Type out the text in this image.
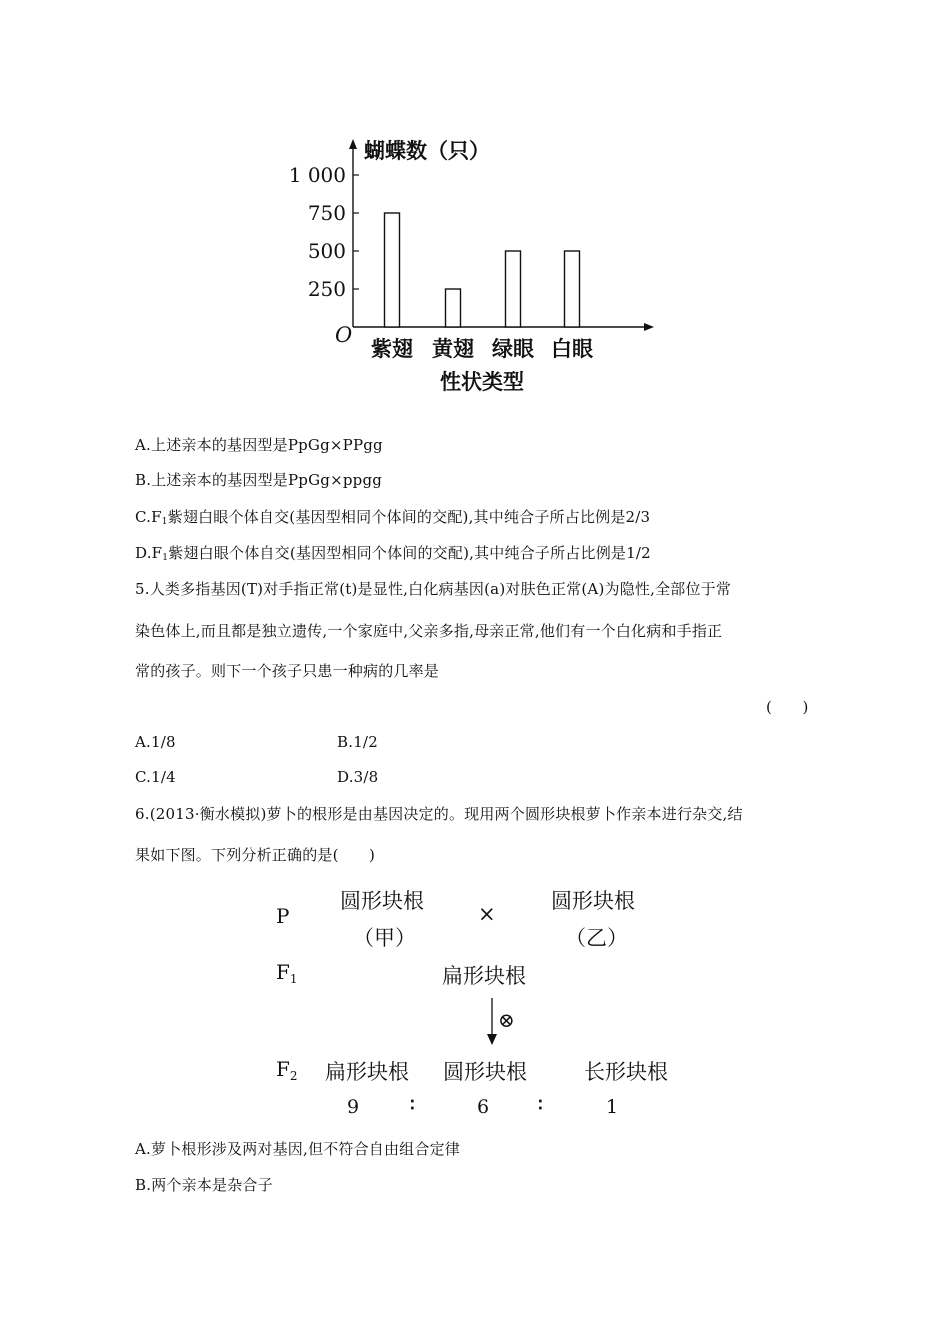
250
500
750
1 000
紫翅 黄翅 绿眼 白眼
蝴蝶数（只）
性状类型
O
A.上述亲本的基因型是PpGg×PPgg
B.上述亲本的基因型是PpGg×ppgg
$C.F_1$紫翅白眼个体自交(基因型相同个体间的交配),其中纯合子所占比例是2/3
$D.F_1$紫翅白眼个体自交(基因型相同个体间的交配),其中纯合子所占比例是1/2
5.人类多指基因(T)对手指正常(t)是显性,白化病基因(a)对肤色正常(A)为隐性,全部位于常
染色体上,而且都是独立遗传,一个家庭中,父亲多指,母亲正常,他们有一个白化病和手指正
常的孩子。则下一个孩子只患一种病的几率是
(　　)
A.1/8	B.1/2
C.1/4	D.3/8
6.(2013·衡水模拟)萝卜的根形是由基因决定的。现用两个圆形块根萝卜作亲本进行杂交,结
果如下图。下列分析正确的是(　　)
P
圆形块根
（甲）
×
圆形块根
（乙）
$F_1$	扁形块根
⊗
$F_2$ 扁形块根 圆形块根	长形块根
9	∶	6	∶	1
A.萝卜根形涉及两对基因,但不符合自由组合定律
B.两个亲本是杂合子
